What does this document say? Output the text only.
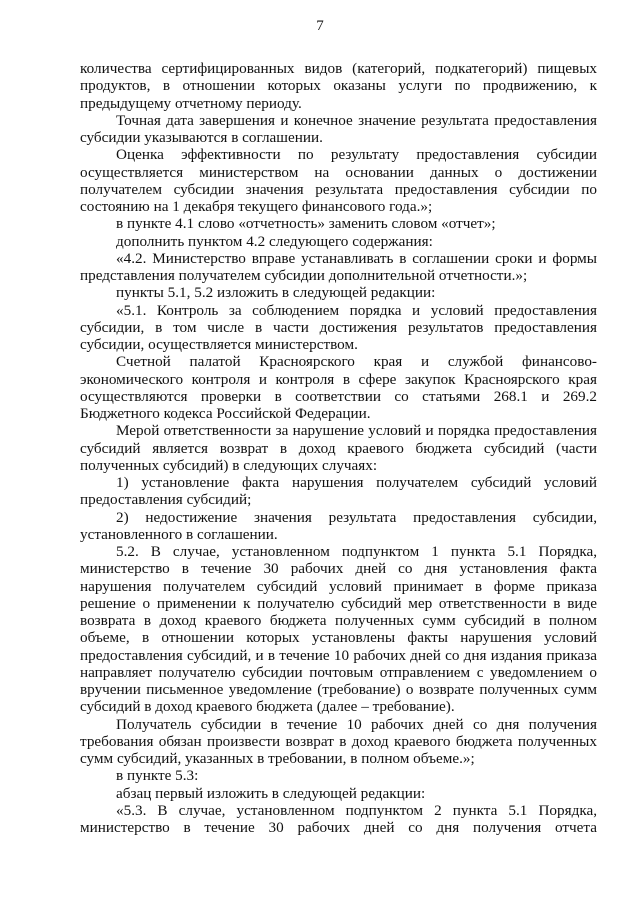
7

количества сертифицированных видов (категорий, подкатегорий) пищевых продуктов, в отношении которых оказаны услуги по продвижению, к предыдущему отчетному периоду.

Точная дата завершения и конечное значение результата предоставления субсидии указываются в соглашении.

Оценка эффективности по результату предоставления субсидии осуществляется министерством на основании данных о достижении получателем субсидии значения результата предоставления субсидии по состоянию на 1 декабря текущего финансового года.»;

в пункте 4.1 слово «отчетность» заменить словом «отчет»;

дополнить пунктом 4.2 следующего содержания:

«4.2. Министерство вправе устанавливать в соглашении сроки и формы представления получателем субсидии дополнительной отчетности.»;

пункты 5.1, 5.2 изложить в следующей редакции:

«5.1. Контроль за соблюдением порядка и условий предоставления субсидии, в том числе в части достижения результатов предоставления субсидии, осуществляется министерством.

Счетной палатой Красноярского края и службой финансово-экономического контроля и контроля в сфере закупок Красноярского края осуществляются проверки в соответствии со статьями 268.1 и 269.2 Бюджетного кодекса Российской Федерации.

Мерой ответственности за нарушение условий и порядка предоставления субсидий является возврат в доход краевого бюджета субсидий (части полученных субсидий) в следующих случаях:

1) установление факта нарушения получателем субсидий условий предоставления субсидий;

2) недостижение значения результата предоставления субсидии, установленного в соглашении.

5.2. В случае, установленном подпунктом 1 пункта 5.1 Порядка, министерство в течение 30 рабочих дней со дня установления факта нарушения получателем субсидий условий принимает в форме приказа решение о применении к получателю субсидий мер ответственности в виде возврата в доход краевого бюджета полученных сумм субсидий в полном объеме, в отношении которых установлены факты нарушения условий предоставления субсидий, и в течение 10 рабочих дней со дня издания приказа направляет получателю субсидии почтовым отправлением с уведомлением о вручении письменное уведомление (требование) о возврате полученных сумм субсидий в доход краевого бюджета (далее – требование).

Получатель субсидии в течение 10 рабочих дней со дня получения требования обязан произвести возврат в доход краевого бюджета полученных сумм субсидий, указанных в требовании, в полном объеме.»;

в пункте 5.3:

абзац первый изложить в следующей редакции:

«5.3. В случае, установленном подпунктом 2 пункта 5.1 Порядка, министерство в течение 30 рабочих дней со дня получения отчета
